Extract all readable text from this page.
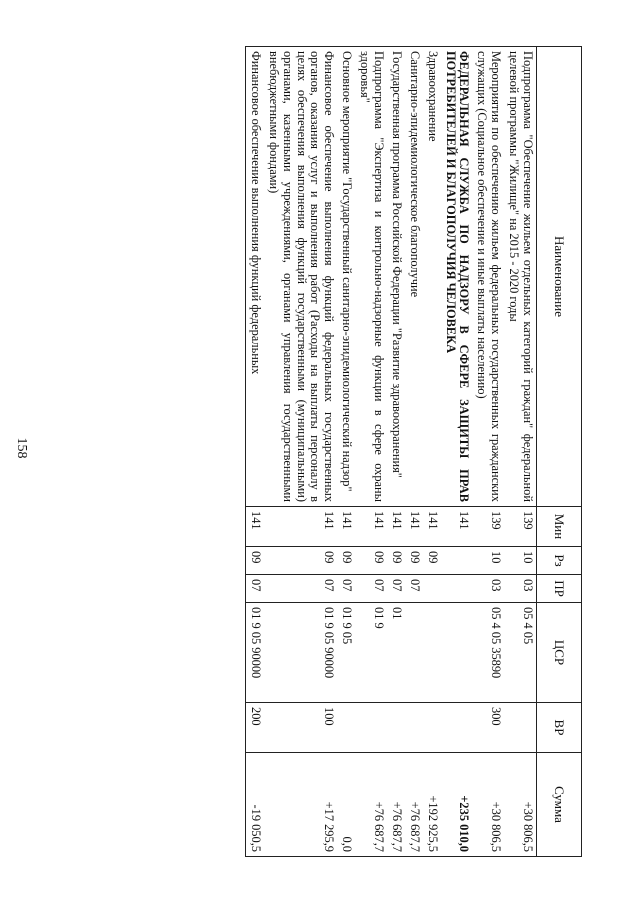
158
Наименование	Мин	Рз	ПР	ЦСР	ВР	Сумма
Подпрограмма "Обеспечение жильем отдельных категорий граждан" федеральной целевой программы "Жилище" на 2015 - 2020 годы	139	10	03	05 4 05		+30 806,5
Мероприятия по обеспечению жильем федеральных государственных гражданских служащих (Социальное обеспечение и иные выплаты населению)	139	10	03	05 4 05 35890	300	+30 806,5
ФЕДЕРАЛЬНАЯ СЛУЖБА ПО НАДЗОРУ В СФЕРЕ ЗАЩИТЫ ПРАВ ПОТРЕБИТЕЛЕЙ И БЛАГОПОЛУЧИЯ ЧЕЛОВЕКА	141					+235 010,0
Здравоохранение	141	09				+192 925,5
Санитарно-эпидемиологическое благополучие	141	09	07			+76 687,7
Государственная программа Российской Федерации "Развитие здравоохранения"	141	09	07	01		+76 687,7
Подпрограмма "Экспертиза и контрольно-надзорные функции в сфере охраны здоровья"	141	09	07	01 9		+76 687,7
Основное мероприятие "Государственный санитарно-эпидемиологический надзор"	141	09	07	01 9 05		0,0
Финансовое обеспечение выполнения функций федеральных государственных органов, оказания услуг и выполнения работ (Расходы на выплаты персоналу в целях обеспечения выполнения функций государственными (муниципальными) органами, казенными учреждениями, органами управления государственными внебюджетными фондами)	141	09	07	01 9 05 90000	100	+17 295,9
Финансовое обеспечение выполнения функций федеральных	141	09	07	01 9 05 90000	200	-19 050,5
